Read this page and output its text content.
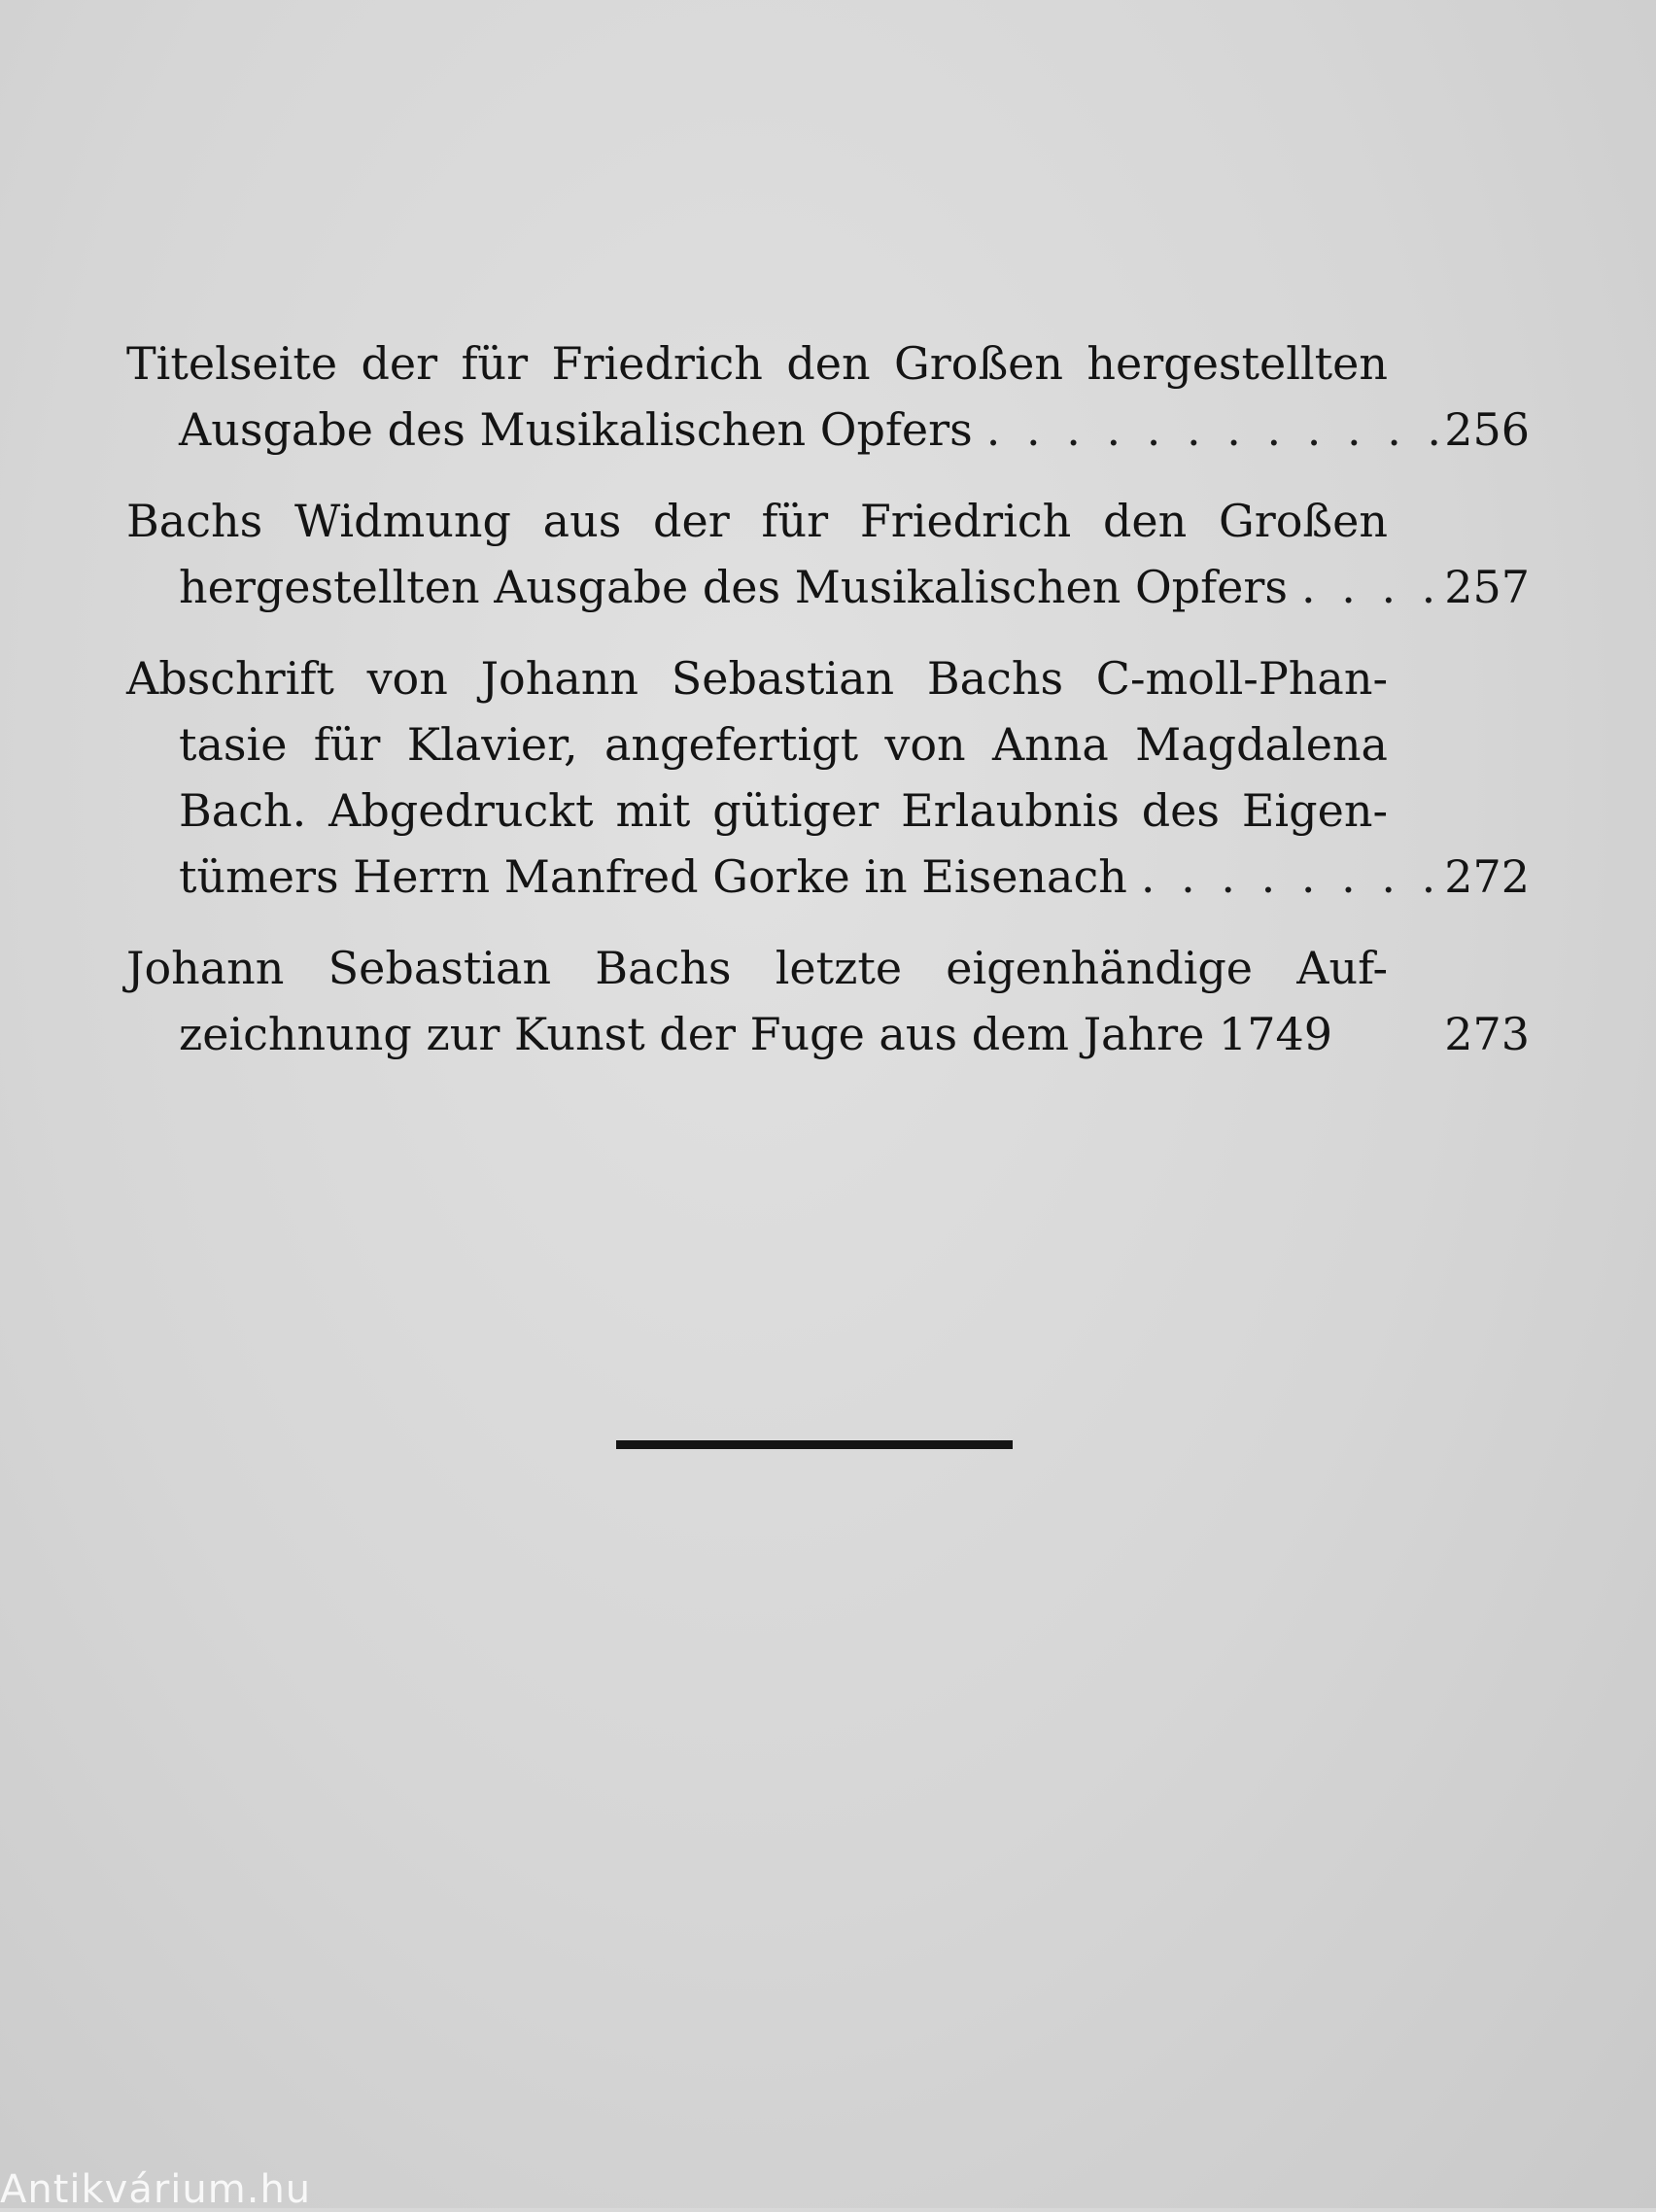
Titelseite der für Friedrich den Großen hergestellten
Ausgabe des Musikalischen Opfers . . .	256
Bachs Widmung aus der für Friedrich den Großen
hergestellten Ausgabe des Musikalischen Opfers . . .	257
Abschrift von Johann Sebastian Bachs C-moll-Phan-
tasie für Klavier, angefertigt von Anna Magdalena
Bach. Abgedruckt mit gütiger Erlaubnis des Eigen-
tümers Herrn Manfred Gorke in Eisenach . . .	272
Johann Sebastian Bachs letzte eigenhändige Auf-
zeichnung zur Kunst der Fuge aus dem Jahre 1749	273
Antikvárium.hu
